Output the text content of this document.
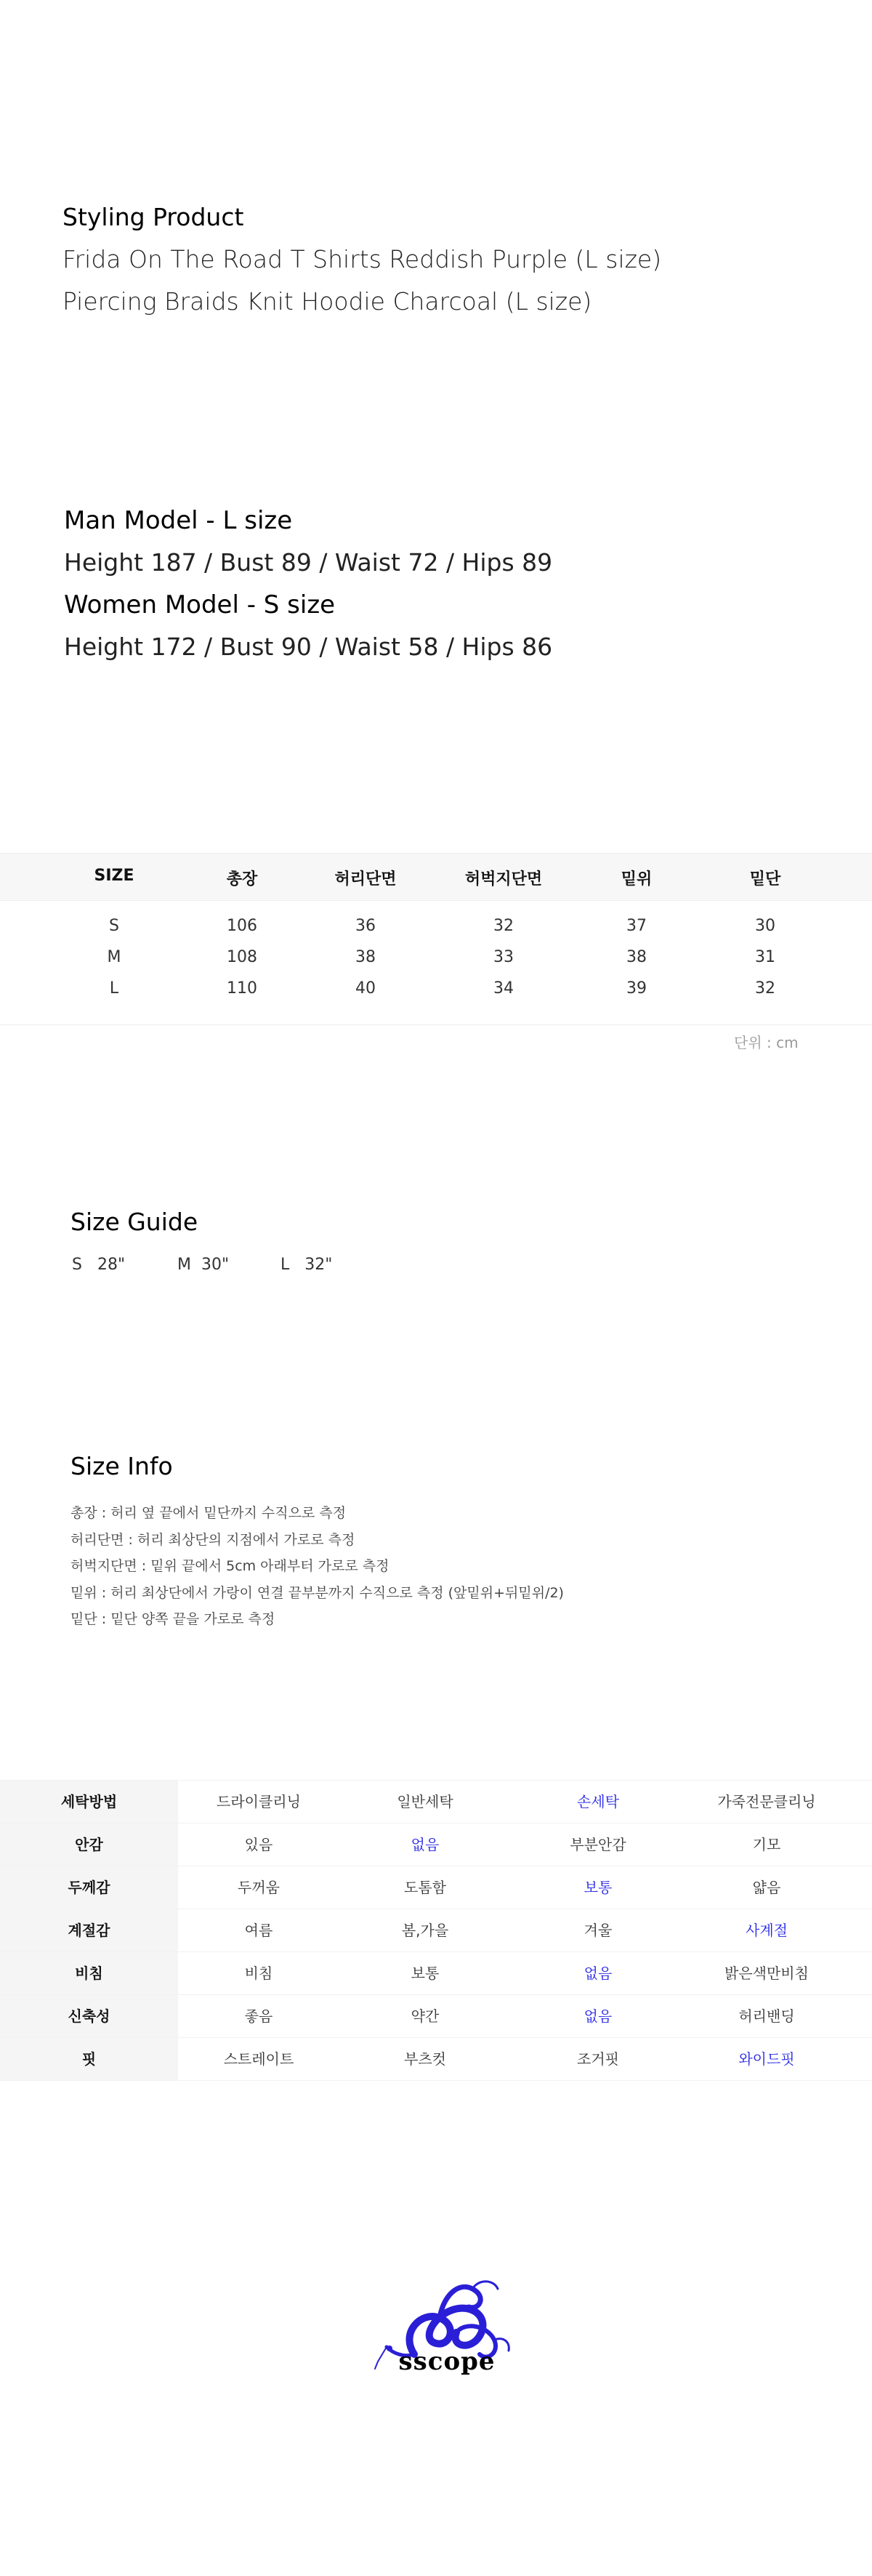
Styling Product
Frida On The Road T Shirts Reddish Purple (L size)
Piercing Braids Knit Hoodie Charcoal (L size)
Man Model - L size
Height 187 / Bust 89 / Waist 72 / Hips 89
Women Model - S size
Height 172 / Bust 90 / Waist 58 / Hips 86
SIZE	총장	허리단면	허벅지단면	밑위	밑단
S	106	36	32	37	30
M	108	38	33	38	31
L	110	40	34	39	32
단위 : cm
Size Guide
S   28"	M  30"	L   32"
Size Info
총장 : 허리 옆 끝에서 밑단까지 수직으로 측정
허리단면 : 허리 최상단의 지점에서 가로로 측정
허벅지단면 : 밑위 끝에서 5cm 아래부터 가로로 측정
밑위 : 허리 최상단에서 가랑이 연결 끝부분까지 수직으로 측정 (앞밑위+뒤밑위/2)
밑단 : 밑단 양쪽 끝을 가로로 측정
세탁방법	드라이클리닝	일반세탁	손세탁	가죽전문클리닝
안감	있음	없음	부분안감	기모
두께감	두꺼움	도톰함	보통	얇음
계절감	여름	봄,가을	겨울	사계절
비침	비침	보통	없음	밝은색만비침
신축성	좋음	약간	없음	허리밴딩
핏	스트레이트	부츠컷	조거핏	와이드핏
sscope
